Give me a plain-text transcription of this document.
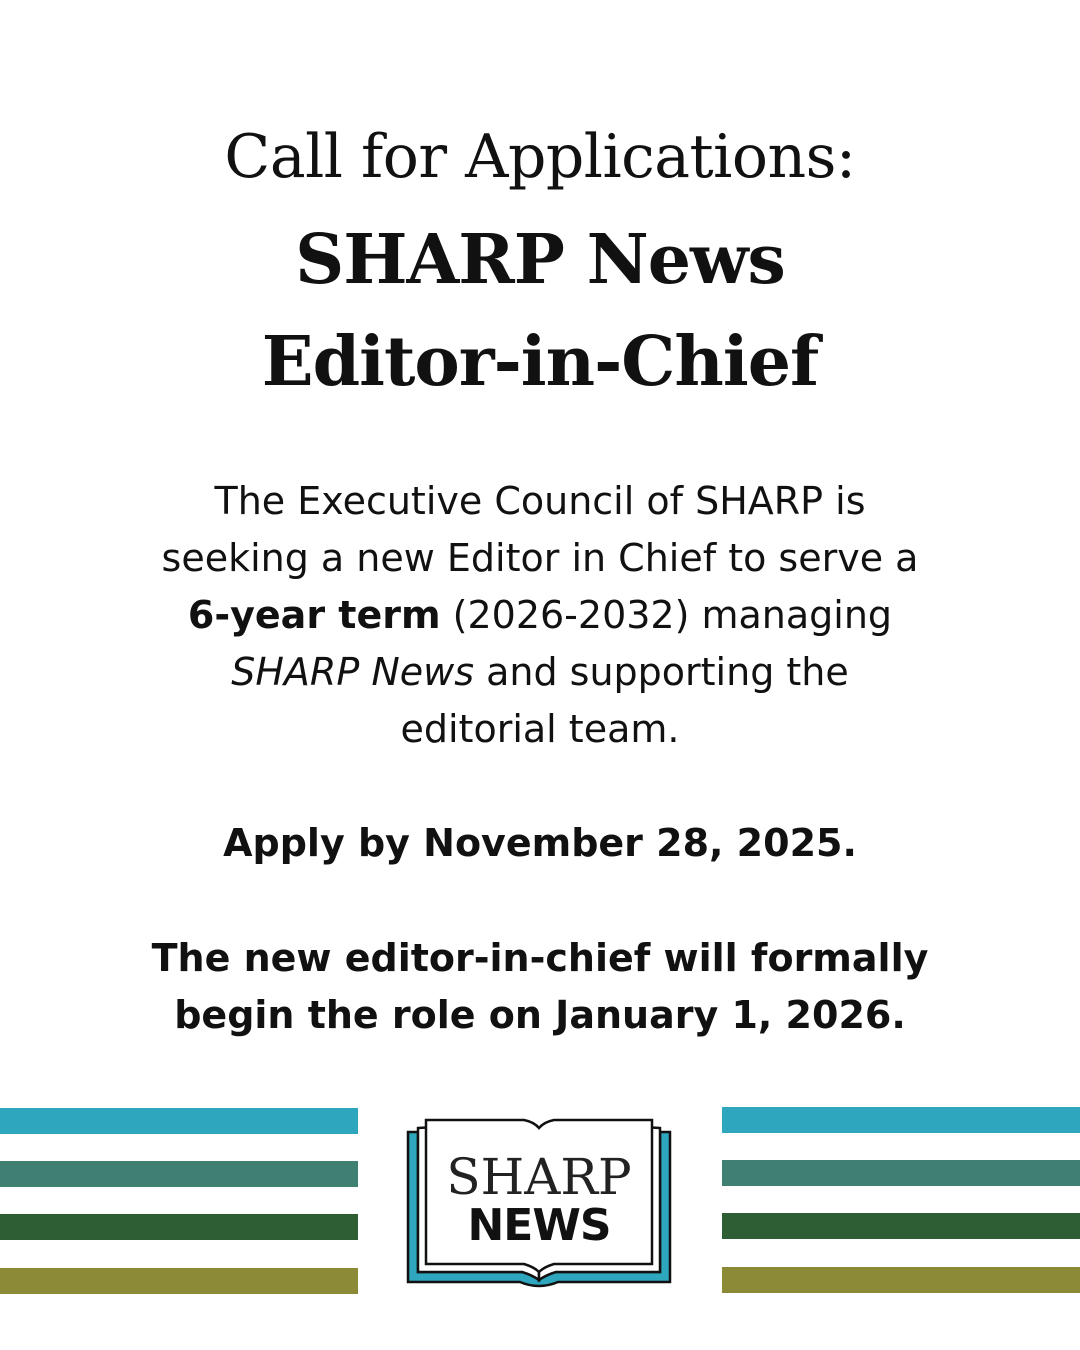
Call for Applications:
SHARP News
Editor-in-Chief
The Executive Council of SHARP is
seeking a new Editor in Chief to serve a
6-year term (2026-2032) managing
SHARP News and supporting the
editorial team.
Apply by November 28, 2025.
The new editor-in-chief will formally
begin the role on January 1, 2026.
SHARP
NEWS
